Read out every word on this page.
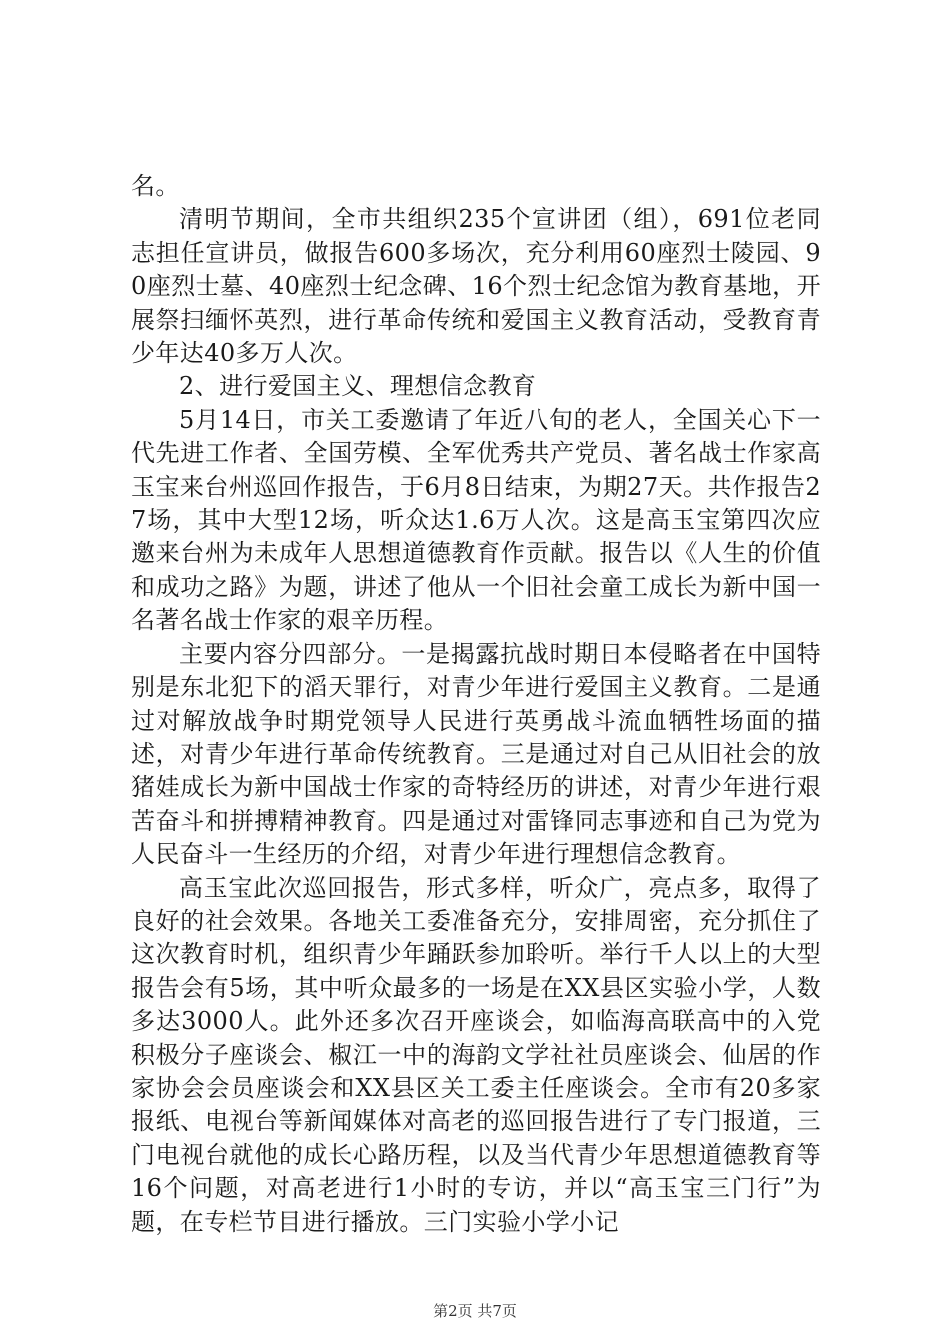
名。

清明节期间，全市共组织235个宣讲团（组），691位老同志担任宣讲员，做报告600多场次，充分利用60座烈士陵园、90座烈士墓、40座烈士纪念碑、16个烈士纪念馆为教育基地，开展祭扫缅怀英烈，进行革命传统和爱国主义教育活动，受教育青少年达40多万人次。

2、进行爱国主义、理想信念教育

5月14日，市关工委邀请了年近八旬的老人，全国关心下一代先进工作者、全国劳模、全军优秀共产党员、著名战士作家高玉宝来台州巡回作报告，于6月8日结束，为期27天。共作报告27场，其中大型12场，听众达1.6万人次。这是高玉宝第四次应邀来台州为未成年人思想道德教育作贡献。报告以《人生的价值和成功之路》为题，讲述了他从一个旧社会童工成长为新中国一名著名战士作家的艰辛历程。

主要内容分四部分。一是揭露抗战时期日本侵略者在中国特别是东北犯下的滔天罪行，对青少年进行爱国主义教育。二是通过对解放战争时期党领导人民进行英勇战斗流血牺牲场面的描述，对青少年进行革命传统教育。三是通过对自己从旧社会的放猪娃成长为新中国战士作家的奇特经历的讲述，对青少年进行艰苦奋斗和拼搏精神教育。四是通过对雷锋同志事迹和自己为党为人民奋斗一生经历的介绍，对青少年进行理想信念教育。

高玉宝此次巡回报告，形式多样，听众广，亮点多，取得了良好的社会效果。各地关工委准备充分，安排周密，充分抓住了这次教育时机，组织青少年踊跃参加聆听。举行千人以上的大型报告会有5场，其中听众最多的一场是在XX县区实验小学，人数多达3000人。此外还多次召开座谈会，如临海高联高中的入党积极分子座谈会、椒江一中的海韵文学社社员座谈会、仙居的作家协会会员座谈会和XX县区关工委主任座谈会。全市有20多家报纸、电视台等新闻媒体对高老的巡回报告进行了专门报道，三门电视台就他的成长心路历程，以及当代青少年思想道德教育等16个问题，对高老进行1小时的专访，并以“高玉宝三门行”为题，在专栏节目进行播放。三门实验小学小记

第2页 共7页
